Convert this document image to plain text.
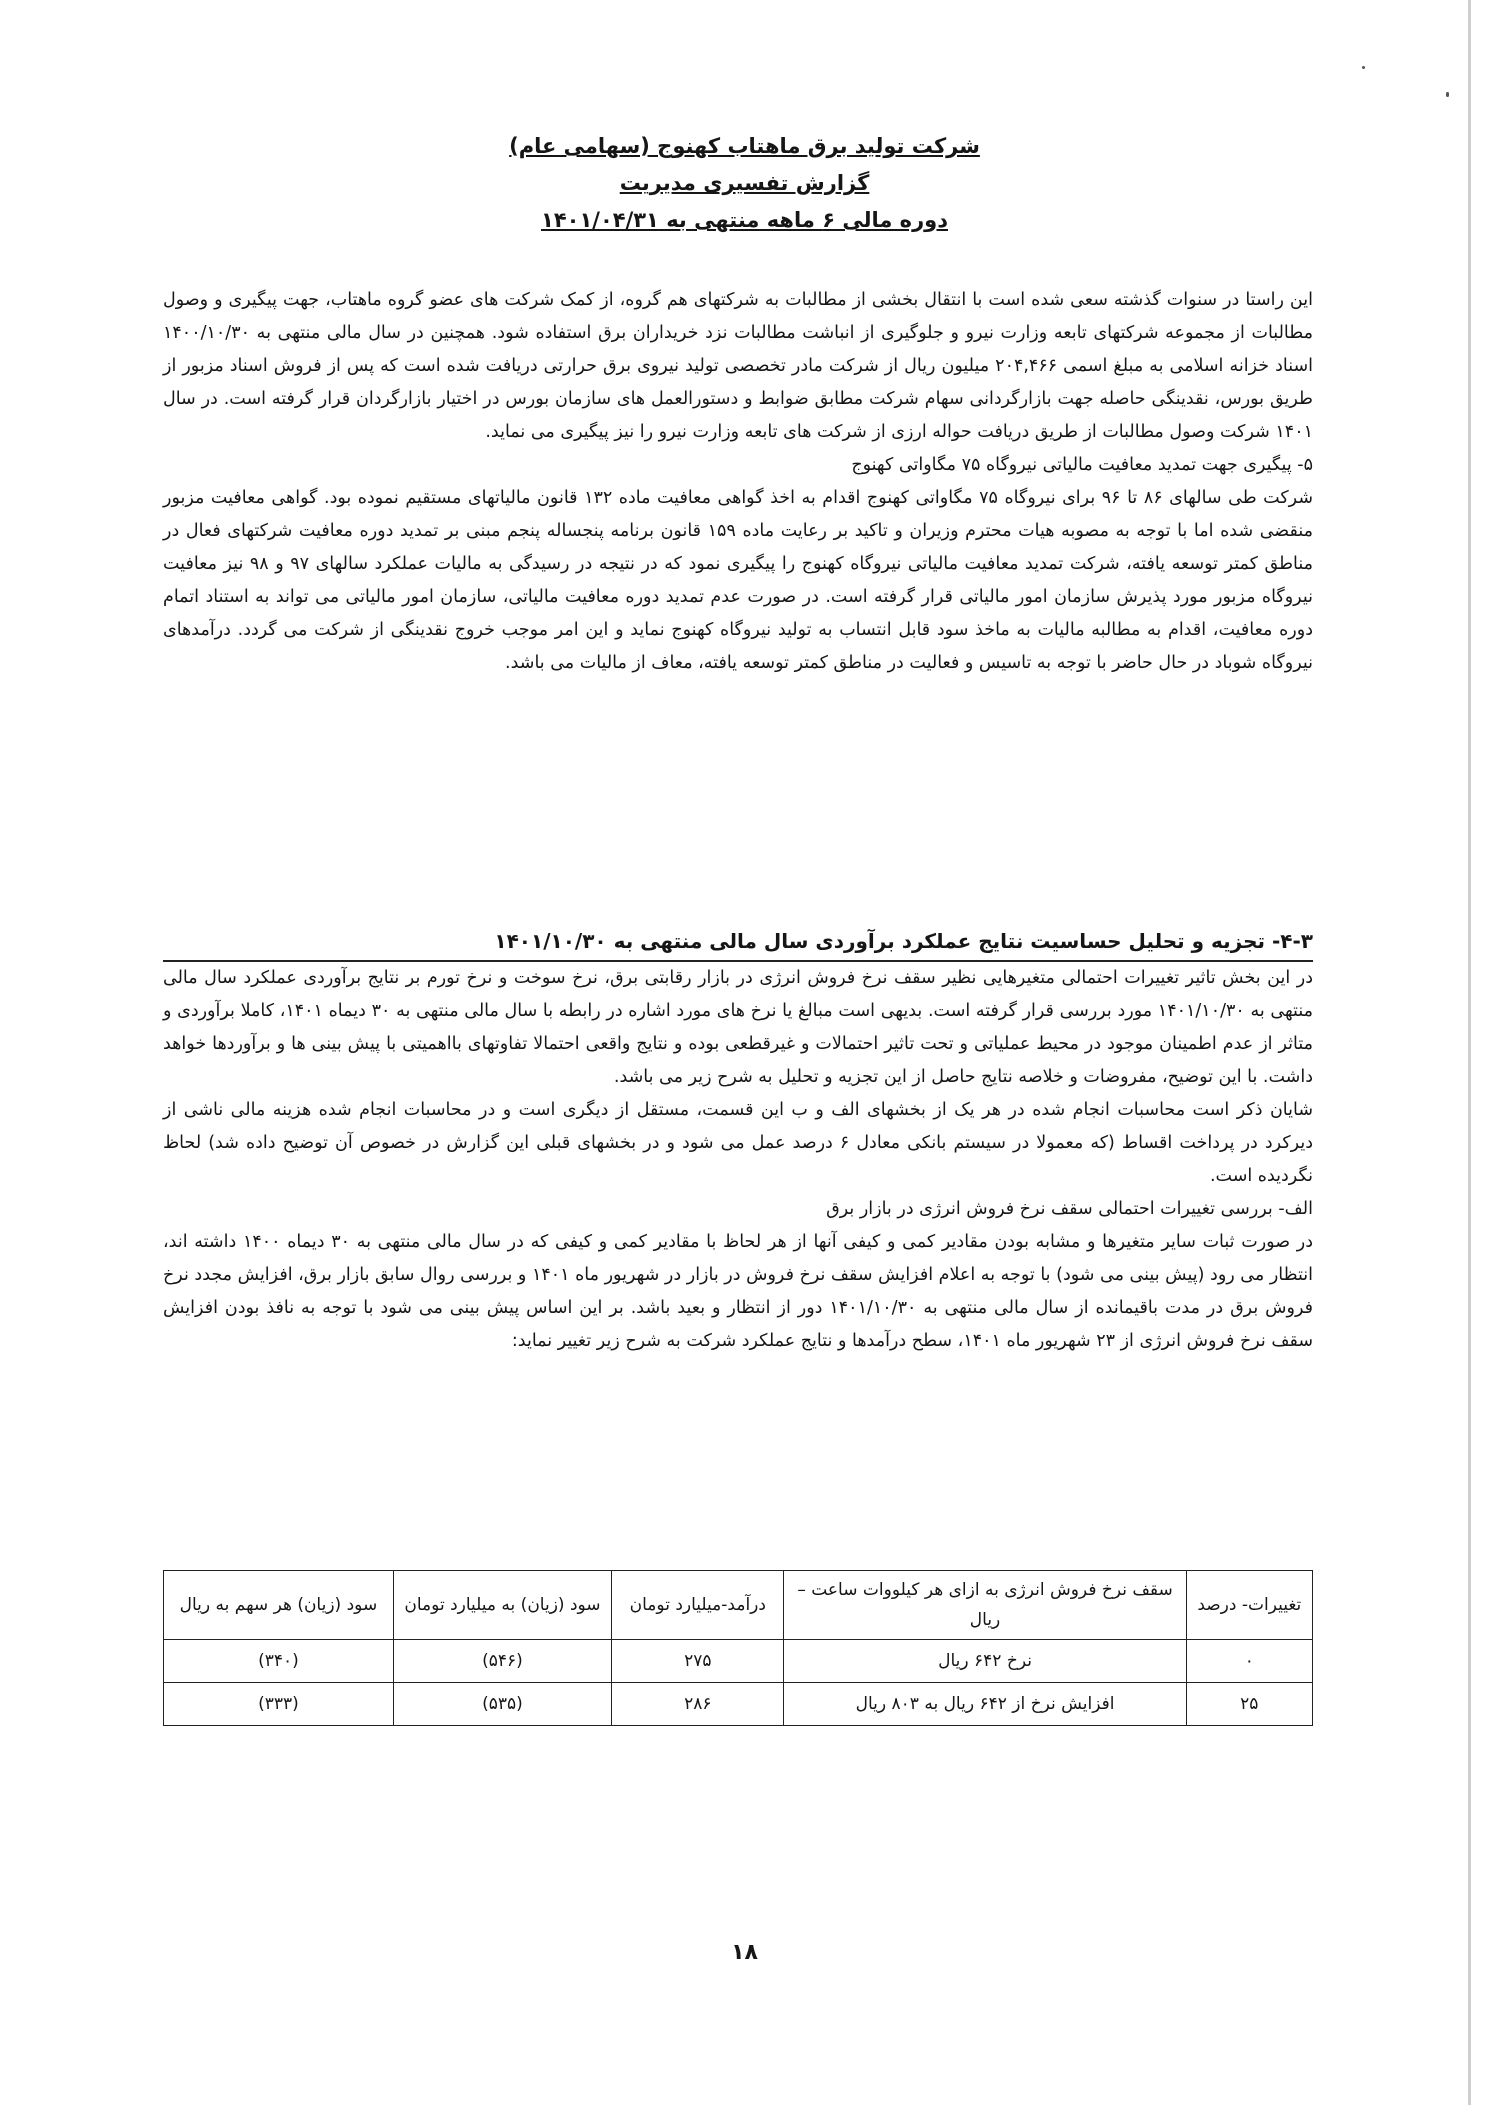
شرکت تولید برق ماهتاب کهنوج (سهامی عام)
گزارش تفسیری مدیریت
دوره مالی ۶ ماهه منتهی به ۱۴۰۱/۰۴/۳۱

این راستا در سنوات گذشته سعی شده است با انتقال بخشی از مطالبات به شرکتهای هم گروه، از کمک شرکت های عضو گروه ماهتاب، جهت پیگیری و وصول مطالبات از مجموعه شرکتهای تابعه وزارت نیرو و جلوگیری از انباشت مطالبات نزد خریداران برق استفاده شود. همچنین در سال مالی منتهی به ۱۴۰۰/۱۰/۳۰ اسناد خزانه اسلامی به مبلغ اسمی ۲۰۴,۴۶۶ میلیون ریال از شرکت مادر تخصصی تولید نیروی برق حرارتی دریافت شده است که پس از فروش اسناد مزبور از طریق بورس، نقدینگی حاصله جهت بازارگردانی سهام شرکت مطابق ضوابط و دستورالعمل های سازمان بورس در اختیار بازارگردان قرار گرفته است. در سال ۱۴۰۱ شرکت وصول مطالبات از طریق دریافت حواله ارزی از شرکت های تابعه وزارت نیرو را نیز پیگیری می نماید.

۵- پیگیری جهت تمدید معافیت مالیاتی نیروگاه ۷۵ مگاواتی کهنوج

شرکت طی سالهای ۸۶ تا ۹۶ برای نیروگاه ۷۵ مگاواتی کهنوج اقدام به اخذ گواهی معافیت ماده ۱۳۲ قانون مالیاتهای مستقیم نموده بود. گواهی معافیت مزبور منقضی شده اما با توجه به مصوبه هیات محترم وزیران و تاکید بر رعایت ماده ۱۵۹ قانون برنامه پنجساله پنجم مبنی بر تمدید دوره معافیت شرکتهای فعال در مناطق کمتر توسعه یافته، شرکت تمدید معافیت مالیاتی نیروگاه کهنوج را پیگیری نمود که در نتیجه در رسیدگی به مالیات عملکرد سالهای ۹۷ و ۹۸ نیز معافیت نیروگاه مزبور مورد پذیرش سازمان امور مالیاتی قرار گرفته است. در صورت عدم تمدید دوره معافیت مالیاتی، سازمان امور مالیاتی می تواند به استناد اتمام دوره معافیت، اقدام به مطالبه مالیات به ماخذ سود قابل انتساب به تولید نیروگاه کهنوج نماید و این امر موجب خروج نقدینگی از شرکت می گردد. درآمدهای نیروگاه شوباد در حال حاضر با توجه به تاسیس و فعالیت در مناطق کمتر توسعه یافته، معاف از مالیات می باشد.

۴-۳- تجزیه و تحلیل حساسیت نتایج عملکرد برآوردی سال مالی منتهی به ۱۴۰۱/۱۰/۳۰

در این بخش تاثیر تغییرات احتمالی متغیرهایی نظیر سقف نرخ فروش انرژی در بازار رقابتی برق، نرخ سوخت و نرخ تورم بر نتایج برآوردی عملکرد سال مالی منتهی به ۱۴۰۱/۱۰/۳۰ مورد بررسی قرار گرفته است. بدیهی است مبالغ یا نرخ های مورد اشاره در رابطه با سال مالی منتهی به ۳۰ دیماه ۱۴۰۱، کاملا برآوردی و متاثر از عدم اطمینان موجود در محیط عملیاتی و تحت تاثیر احتمالات و غیرقطعی بوده و نتایج واقعی احتمالا تفاوتهای بااهمیتی با پیش بینی ها و برآوردها خواهد داشت. با این توضیح، مفروضات و خلاصه نتایج حاصل از این تجزیه و تحلیل به شرح زیر می باشد.

شایان ذکر است محاسبات انجام شده در هر یک از بخشهای الف و ب این قسمت، مستقل از دیگری است و در محاسبات انجام شده هزینه مالی ناشی از دیرکرد در پرداخت اقساط (که معمولا در سیستم بانکی معادل ۶ درصد عمل می شود و در بخشهای قبلی این گزارش در خصوص آن توضیح داده شد) لحاظ نگردیده است.

الف- بررسی تغییرات احتمالی سقف نرخ فروش انرژی در بازار برق

در صورت ثبات سایر متغیرها و مشابه بودن مقادیر کمی و کیفی آنها از هر لحاظ با مقادیر کمی و کیفی که در سال مالی منتهی به ۳۰ دیماه ۱۴۰۰ داشته اند، انتظار می رود (پیش بینی می شود) با توجه به اعلام افزایش سقف نرخ فروش در بازار در شهریور ماه ۱۴۰۱ و بررسی روال سابق بازار برق، افزایش مجدد نرخ فروش برق در مدت باقیمانده از سال مالی منتهی به ۱۴۰۱/۱۰/۳۰ دور از انتظار و بعید باشد. بر این اساس پیش بینی می شود با توجه به نافذ بودن افزایش سقف نرخ فروش انرژی از ۲۳ شهریور ماه ۱۴۰۱، سطح درآمدها و نتایج عملکرد شرکت به شرح زیر تغییر نماید:

تغییرات- درصد	سقف نرخ فروش انرژی به ازای هر کیلووات ساعت – ریال	درآمد-میلیارد تومان	سود (زیان) به میلیارد تومان	سود (زیان) هر سهم به ریال
۰	نرخ ۶۴۲ ریال	۲۷۵	(۵۴۶)	(۳۴۰)
۲۵	افزایش نرخ از ۶۴۲ ریال به ۸۰۳ ریال	۲۸۶	(۵۳۵)	(۳۳۳)
۱۸
